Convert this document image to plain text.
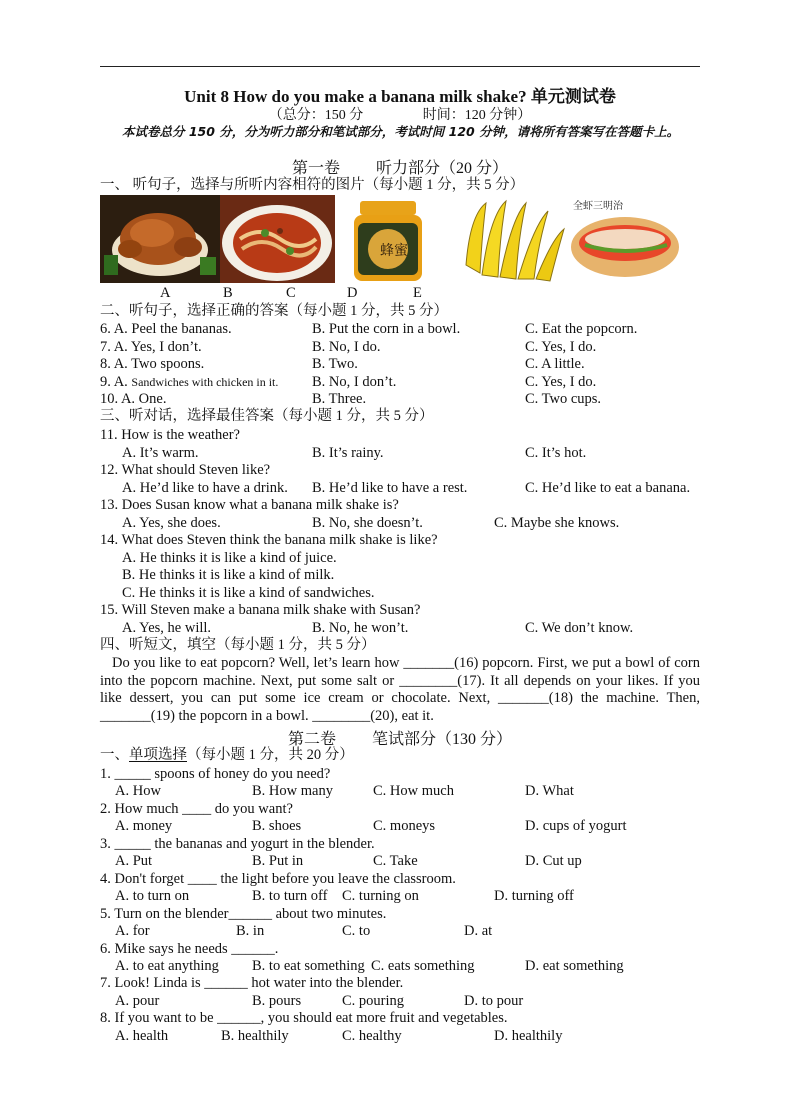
Unit 8 How do you make a banana milk shake? 单元测试卷
（总分：150 分	时间：120 分钟）
本试卷总分 150 分，分为听力部分和笔试部分，考试时间 120 分钟，请将所有答案写在答题卡上。
第一卷 听力部分（20 分）
一、 听句子，选择与所听内容相符的图片（每小题 1 分，共 5 分）
蜂蜜
全虾三明治
A	B	C	D	E
二、听句子，选择正确的答案（每小题 1 分，共 5 分）
6. A. Peel the bananas.	B. Put the corn in a bowl.	C. Eat the popcorn.
7. A. Yes, I don’t.	B. No, I do.	C. Yes, I do.
8. A. Two spoons.	B. Two.	C. A little.
9. A. Sandwiches with chicken in it. B. No, I don’t.	C. Yes, I do.
10. A. One.	B. Three.	C. Two cups.
三、听对话，选择最佳答案（每小题 1 分，共 5 分）
11. How is the weather?
A. It’s warm.	B. It’s rainy.	C. It’s hot.
12. What should Steven like?
A. He’d like to have a drink. B. He’d like to have a rest.	C. He’d like to eat a banana.
13. Does Susan know what a banana milk shake is?
A. Yes, she does.	B. No, she doesn’t.	C. Maybe she knows.
14. What does Steven think the banana milk shake is like?
A. He thinks it is like a kind of juice.
B. He thinks it is like a kind of milk.
C. He thinks it is like a kind of sandwiches.
15. Will Steven make a banana milk shake with Susan?
A. Yes, he will.	B. No, he won’t.	C. We don’t know.
四、听短文，填空（每小题 1 分，共 5 分）
Do you like to eat popcorn? Well, let’s learn how _______(16) popcorn. First, we put a bowl of corn into the popcorn machine. Next, put some salt or ________(17). It all depends on your likes. If you like dessert, you can put some ice cream or chocolate. Next, _______(18) the machine. Then, _______(19) the popcorn in a bowl. ________(20), eat it.
第二卷 笔试部分（130 分）
一、单项选择（每小题 1 分，共 20 分）
1. _____ spoons of honey do you need?
A. How	B. How many	C. How much	D. What
2. How much ____ do you want?
A. money	B. shoes	C. moneys	D. cups of yogurt
3. _____ the bananas and yogurt in the blender.
A. Put	B. Put in	C. Take	D. Cut up
4. Don't forget ____ the light before you leave the classroom.
A. to turn on	B. to turn off C. turning on	D. turning off
5. Turn on the blender______ about two minutes.
A. for	B. in	C. to	D. at
6. Mike says he needs ______.
A. to eat anything B. to eat something C. eats something	D. eat something
7. Look! Linda is ______ hot water into the blender.
A. pour	B. pours	C. pouring	D. to pour
8. If you want to be ______, you should eat more fruit and vegetables.
A. health	B. healthily	C. healthy	D. healthily
